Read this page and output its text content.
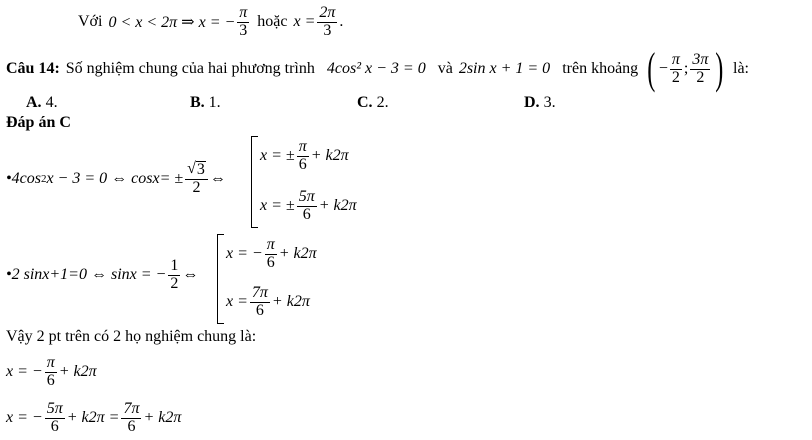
Với 0 < x < 2π ⇒ x = − $\frac{\pi}{3}$ hoặc $x = \frac{2\pi}{3}$ .
Câu 14: Số nghiệm chung của hai phương trình 4cos² x − 3 = 0 và 2sin x + 1 = 0 trên khoảng ( − $\frac{\pi}{2}$ ; $\frac{3\pi}{2}$ ) là:
A. 4.	B. 1.	C. 2.	D. 3.
Đáp án C
•4cos 2 x − 3 = 0 ⇔ $\cos x= \pm \frac{√ 3}{2}$ ⇔
x = ± $\frac{\pi}{6} + k2\pi$
x = ± $\frac{5\pi}{6} + k2\pi$
•2 sinx+1=0 ⇔ sinx = − $\frac{1}{2}$ ⇔
x = − $\frac{\pi}{6} + k2\pi$
$x = \frac{7\pi}{6} + k2\pi$
Vậy 2 pt trên có 2 họ nghiệm chung là:
x = − $\frac{\pi}{6} + k2\pi$
x = − $\frac{5\pi}{6} + k2\pi = \frac{7\pi}{6} + k2\pi$
